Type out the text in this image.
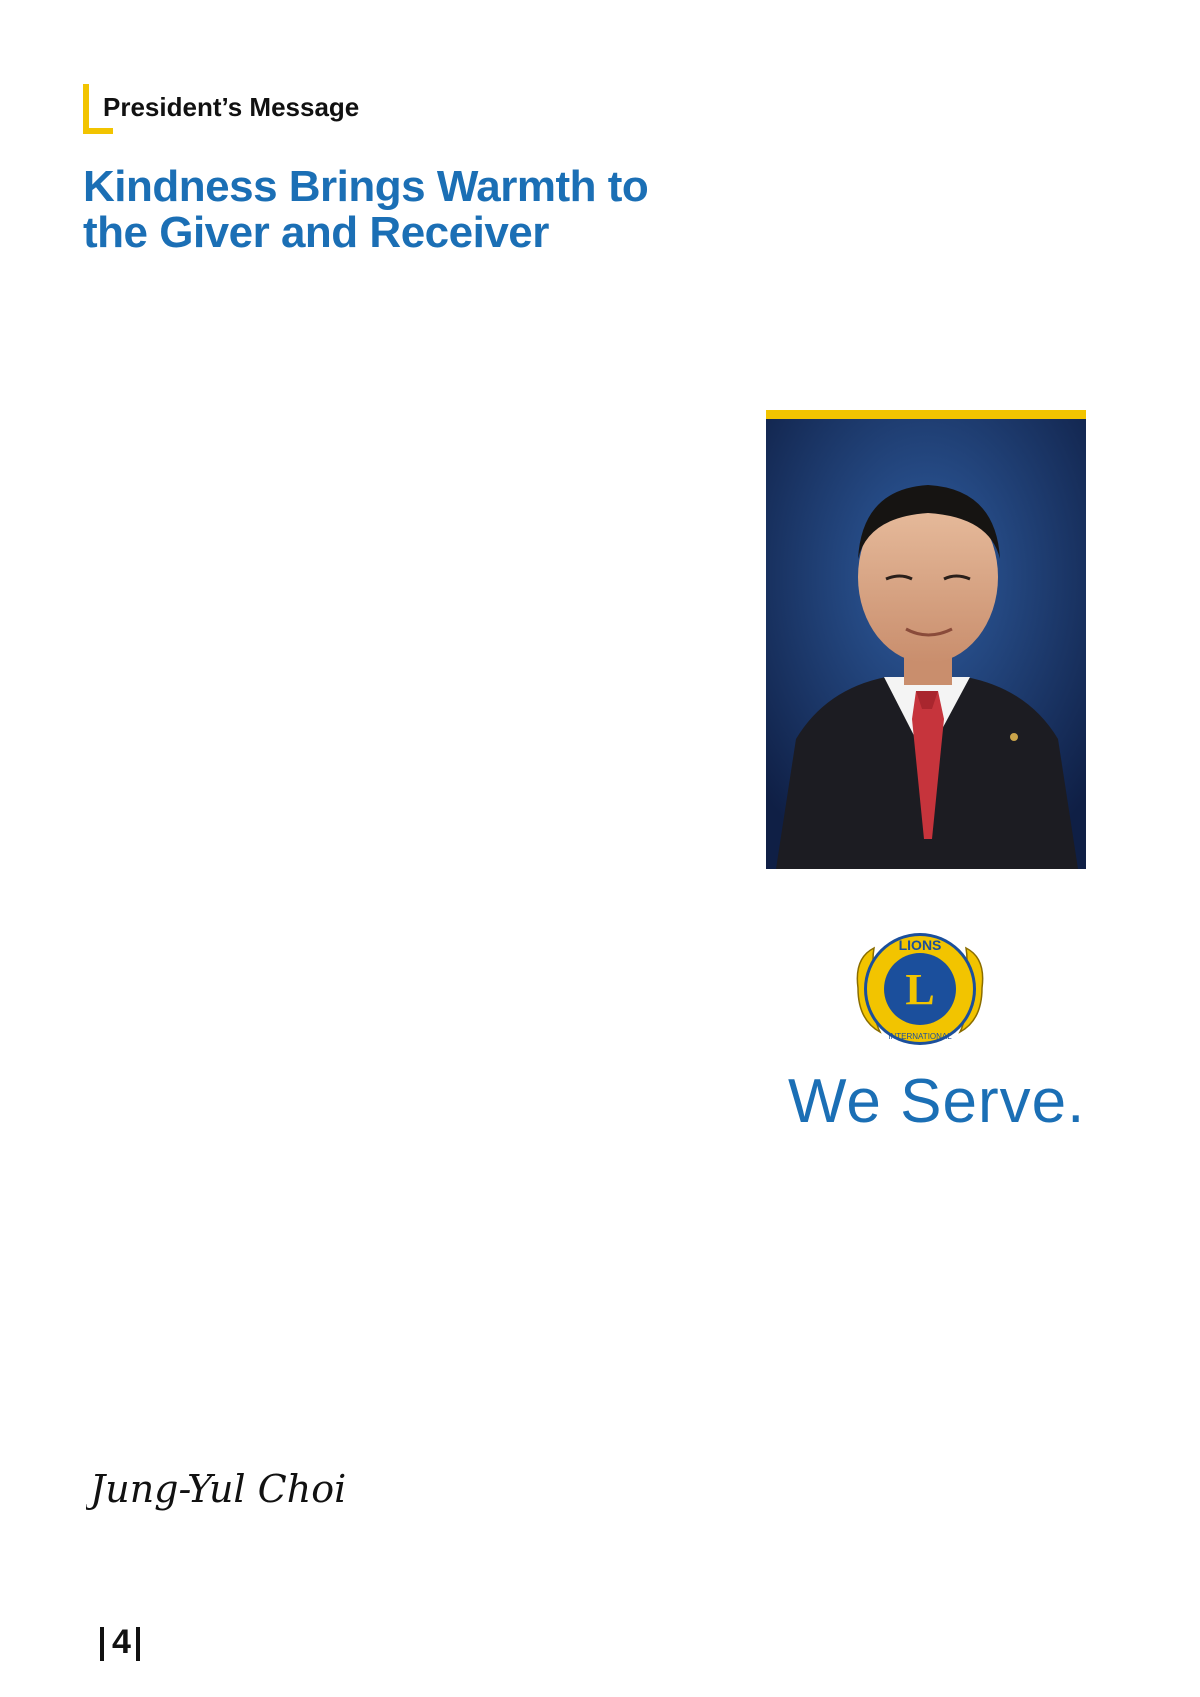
President’s Message
Kindness Brings Warmth to
the Giver and Receiver

LIONS
L
INTERNATIONAL
We Serve.

Jung-Yul Choi

4
